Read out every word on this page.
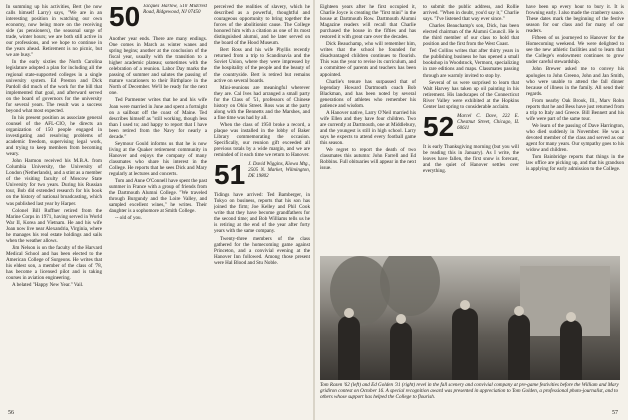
In summing up his activities, Bert (he now calls himself Larry) says, "We are in an interesting position in watching our own economy, now being more on the receiving side (as pensioners), the seasonal surge of trade, winter hours; we are both still active in our professions, and we hope to continue in the years ahead. Retirement is no picnic, but we are busy."

In the early sixties the North Carolina legislature adopted a plan for including all the regional state-supported colleges in a single university system. Ed Preston and Dick Pardoll did much of the work for the bill that implemented that goal, and afterward served on the board of governors for the university for several years. The result was a success beyond what most expected.

In his present position as associate general counsel of the AFL-CIO, he directs an organization of 150 people engaged in investigating and resolving problems of academic freedom, supervising legal work, and trying to keep members from becoming weary.

John Harmon received his M.B.A. from Columbia University, the University of London (Netherlands), and a stint as a member of the visiting faculty of Moscow State University for two years. During his Russian tour, Bob did extended research for his book on the history of national broadcasting, which was published last year by Harper.

Colonel Bill Ruffner retired from the Marine Corps in 1971, having served in World War II, Korea and Vietnam. He and his wife Joan now live near Alexandria, Virginia, where he manages his real estate holdings and sails when the weather allows.

Jim Nelson is on the faculty of the Harvard Medical School and has been elected to the American College of Surgeons. He writes that his eldest son, a member of the class of '78, has become a licensed pilot and is taking courses in aviation engineering.

A belated "Happy New Year." Vail.

50 Jacques Harlow, 510 Midcrest Road, Ridgewood, NJ 07450

Another year ends. There are many endings. One comes in March as winter wanes and spring begins; another at the conclusion of the fiscal year, usually with the transition to a higher academic plateau; sometimes with the celebration of a reunion. Labor Day marks the passing of summer and salutes the passing of mature vacationers to their Birthplace in the North of December. We'll be ready for the next one.

Ted Parmenter writes that he and his wife Joan were married in June and spent a fortnight on a sailboat off the coast of Maine. Ted describes himself as "still working, though less than I used to; and happy to report that I have been retired from the Navy for nearly a decade."

Seymour Gould informs us that he is now living at the Quaker retirement community in Hanover and enjoys the company of many classmates who share his interest in the College. He reports that he sees Dick and Mary regularly at lectures and concerts.

Tom and Anne O'Connell have spent the past summer in France with a group of friends from the Dartmouth Alumni College. "We traveled through Burgundy and the Loire Valley, and sampled excellent wines," he writes. Their daughter is a sophomore at Smith College.

-- old of you.

perceived the realities of slavery, which he described as a powerful, thoughtful and courageous opportunity to bring together the forces of the abolitionist cause. The College honored him with a citation as one of its most distinguished alumni, and he later served on the board of the Hood Museum.

Bert Ross and his wife Phyllis recently returned from a trip to Scandinavia and the Soviet Union, where they were impressed by the hospitality of the people and the beauty of the countryside. Bert is retired but remains active on several boards.

Mini-reunions are meaningful wherever they are. Cal Ives had arranged a small party for the Class of '51, professors of Chinese history on Ohio Street. Ross was at the party along with the Bennetts and the Marshes, and a fine time was had by all.

When the class of 1950 broke a record, a plaque was installed in the lobby of Baker Library commemorating the occasion. Specifically, our reunion gift exceeded all previous totals by a wide margin, and we are reminded of it each time we return to Hanover.

51 J. David Wiggins, Kiowa Mtg., 2505 N. Market, Wilmington, DE 19802

Tidings have arrived: Ted Bamberger, in Tokyo on business, reports that his son has joined the firm; Joe Kelley and Phil Cook write that they have become grandfathers for the second time; and Bob Williams tells us he is retiring at the end of the year after forty years with the same company.

Twenty-three members of the class gathered for the homecoming game against Princeton, and a convivial evening at the Hanover Inn followed. Among those present were Hal Blood and Stu Noble.

Eighteen years after he first occupied it, Charlie Joyce is creating the "first mini" in the house at Dartmouth Row. Dartmouth Alumni Magazine readers will recall that Charlie purchased the house in the fifties and has restored it with great care over the decades.

Dick Beauchamp, who will remember him, writes that the school he founded for disadvantaged children continues to flourish. This was the year to revise its curriculum, and a committee of parents and teachers has been appointed.

Charlie's tenure has surpassed that of legendary Howard Dartmouth coach Bob Blackman, and has been noted by several generations of athletes who remember his patience and wisdom.

A Hanover native, Larry O'Neil married his wife Ellen and they have four children. Two are currently at Dartmouth, one at Middlebury, and the youngest is still in high school. Larry says he expects to attend every football game this season.

We regret to report the death of two classmates this autumn: John Farrell and Ed Robbins. Full obituaries will appear in the next issue.

to submit the public address, and Rollie arrived. "When in doubt, you'd say it," Charlie says. "I've listened that way ever since."

Charles Beauchamp's son, Dick, has been elected chairman of the Alumni Council. He is the third member of our class to hold that position and the first from the West Coast.

Ted Collins writes that after thirty years in the publishing business he has opened a small bookshop in Woodstock, Vermont, specializing in rare editions and maps. Classmates passing through are warmly invited to stop by.

Several of us were surprised to learn that Walt Harvey has taken up oil painting in his retirement. His landscapes of the Connecticut River Valley were exhibited at the Hopkins Center last spring to considerable acclaim.

52 Marcel C. Dave, 222 E. Chestnut Street, Chicago, IL 60611

It is early Thanksgiving morning (but you will be reading this in January). As I write, the leaves have fallen, the first snow is forecast, and the quiet of Hanover settles over everything.

have been up every hour to bury it. It is frowning early. I also made the cranberry sauce. These dates mark the beginning of the festive season for our class and for many of our readers.

Fifteen of us journeyed to Hanover for the Homecoming weekend. We were delighted to see the new athletic facilities and to learn that the College's endowment continues to grow under careful stewardship.

John Brewer asked me to convey his apologies to John Greeno, John and Jan Smith, who were unable to attend the fall dinner because of illness in the family. All send their regards.

From nearby Oak Brook, Ill., Marv Rohn reports that he and Bess have just returned from a trip to Italy and Greece. Bill Bennett and his wife were part of the same tour.

We learn of the passing of Dave Harrington, who died suddenly in November. He was a devoted member of the class and served as our agent for many years. Our sympathy goes to his widow and children.

Tom Bainbridge reports that things in the law office are picking up, and that his grandson is applying for early admission to the College.

Tom Rozen '62 (left) and Ed Golden '31 (right) revel in the fall scenery and convivial company at pre-game festivities before the William and Mary gridiron contest on October 16. A special recognition award was presented in appreciation to Tom Golden, a professional photo-journalist, and to others whose support has helped the College to flourish.
56	57
